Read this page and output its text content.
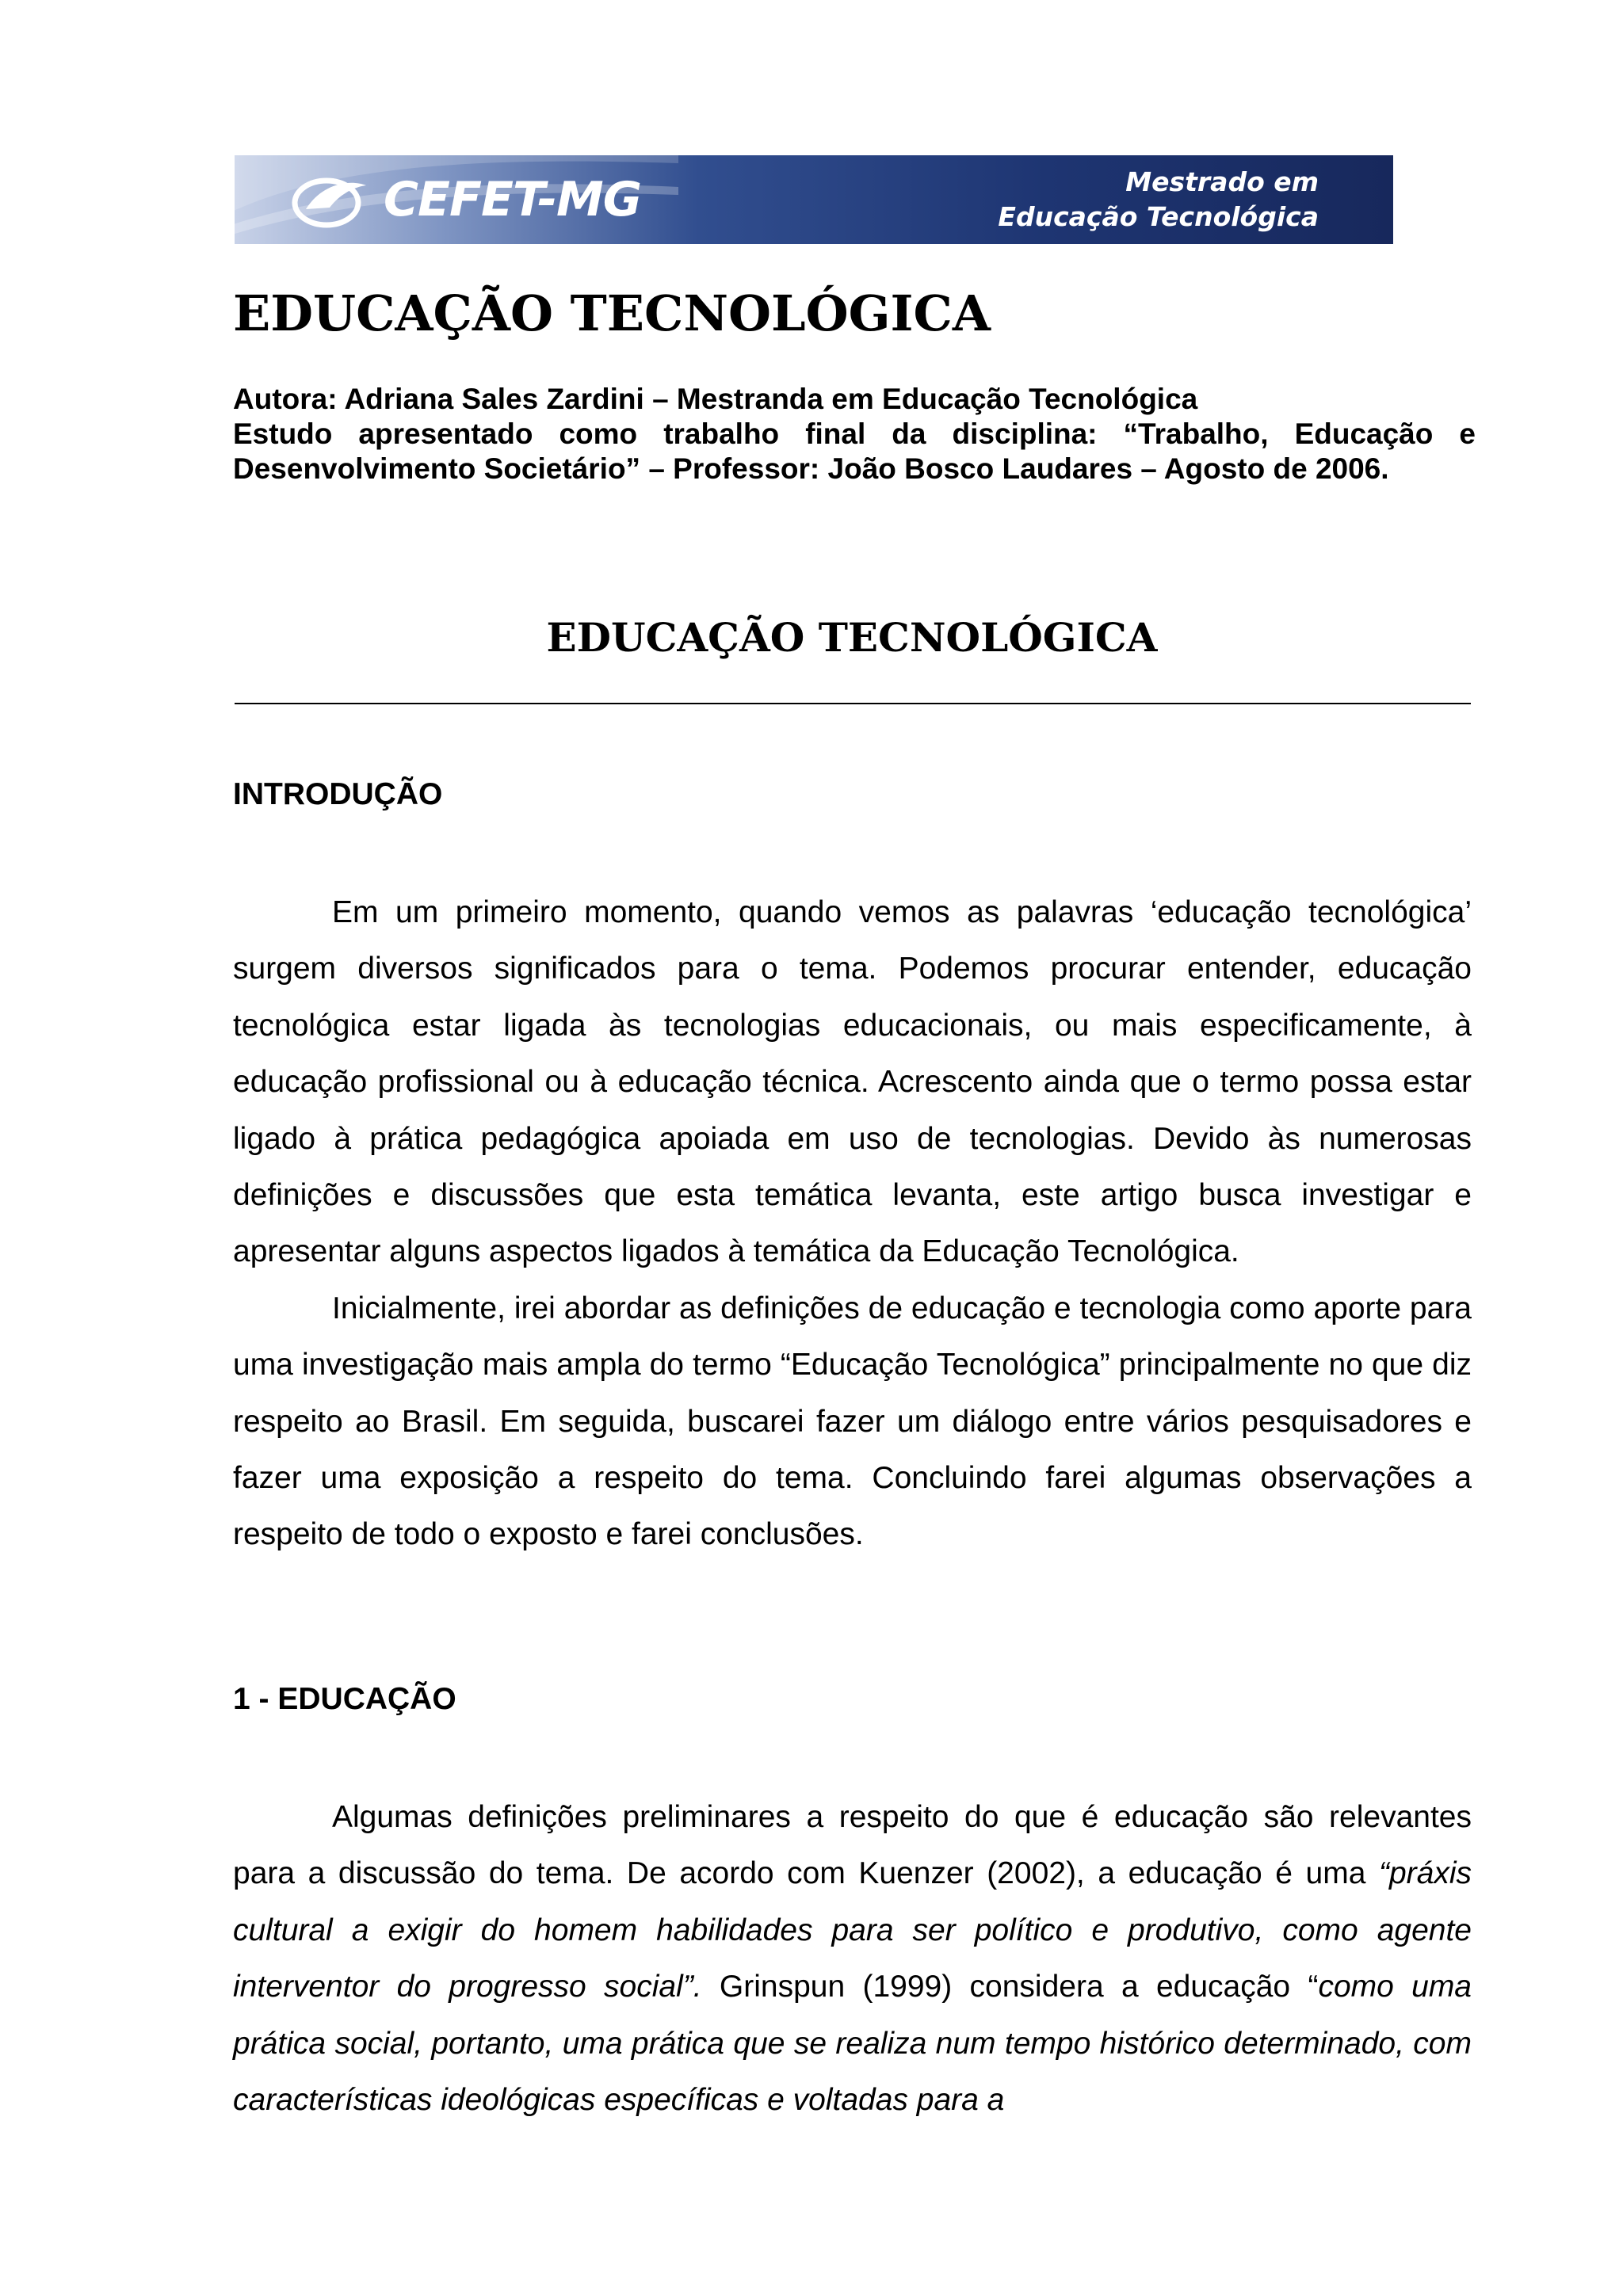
CEFET-MG	Mestrado em
Educação Tecnológica
EDUCAÇÃO TECNOLÓGICA

Autora: Adriana Sales Zardini – Mestranda em Educação Tecnológica

Estudo apresentado como trabalho final da disciplina: “Trabalho, Educação e Desenvolvimento Societário” – Professor: João Bosco Laudares – Agosto de 2006.

EDUCAÇÃO TECNOLÓGICA
INTRODUÇÃO

Em um primeiro momento, quando vemos as palavras ‘educação tecnológica’ surgem diversos significados para o tema. Podemos procurar entender, educação tecnológica estar ligada às tecnologias educacionais, ou mais especificamente, à educação profissional ou à educação técnica. Acrescento ainda que o termo possa estar ligado à prática pedagógica apoiada em uso de tecnologias. Devido às numerosas definições e discussões que esta temática levanta, este artigo busca investigar e apresentar alguns aspectos ligados à temática da Educação Tecnológica.

Inicialmente, irei abordar as definições de educação e tecnologia como aporte para uma investigação mais ampla do termo “Educação Tecnológica” principalmente no que diz respeito ao Brasil. Em seguida, buscarei fazer um diálogo entre vários pesquisadores e fazer uma exposição a respeito do tema. Concluindo farei algumas observações a respeito de todo o exposto e farei conclusões.

1 - EDUCAÇÃO

Algumas definições preliminares a respeito do que é educação são relevantes para a discussão do tema. De acordo com Kuenzer (2002), a educação é uma “práxis cultural a exigir do homem habilidades para ser político e produtivo, como agente interventor do progresso social”. Grinspun (1999) considera a educação “como uma prática social, portanto, uma prática que se realiza num tempo histórico determinado, com características ideológicas específicas e voltadas para a
